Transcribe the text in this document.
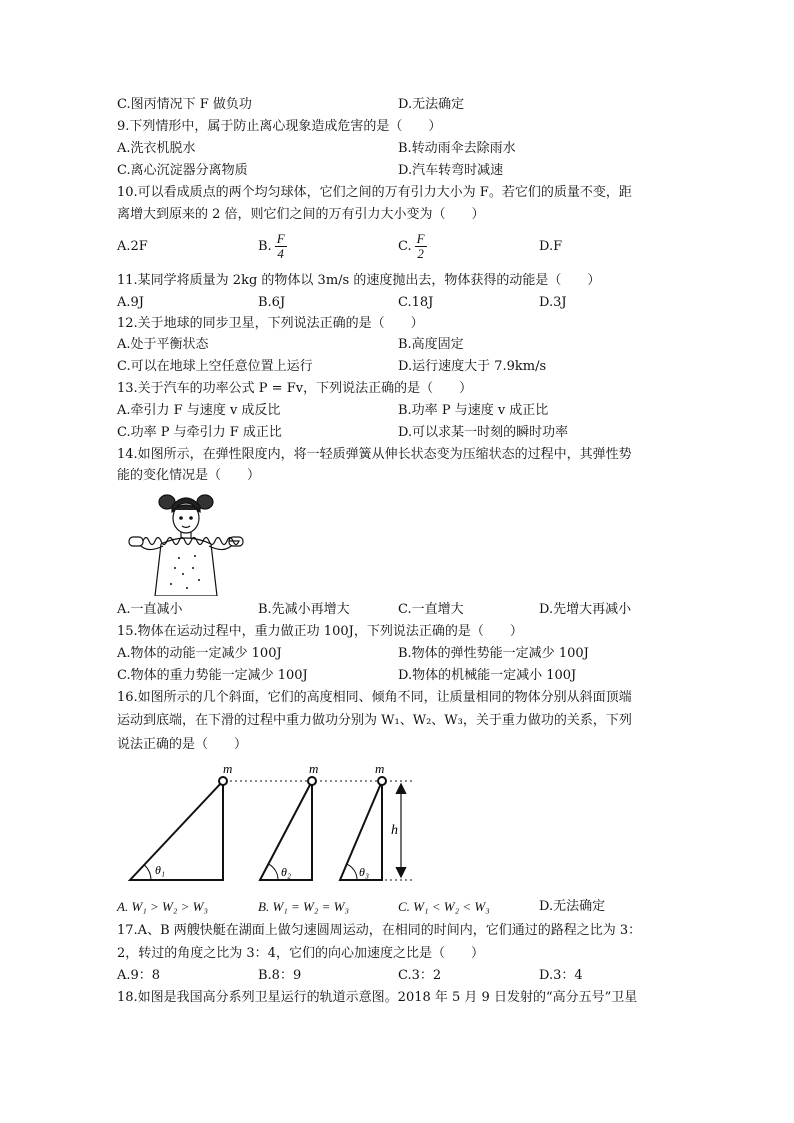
C.图丙情况下 F 做负功	D.无法确定
9.下列情形中，属于防止离心现象造成危害的是（　　）
A.洗衣机脱水	B.转动雨伞去除雨水
C.离心沉淀器分离物质	D.汽车转弯时减速
10.可以看成质点的两个均匀球体，它们之间的万有引力大小为 F。若它们的质量不变，距
离增大到原来的 2 倍，则它们之间的万有引力大小变为（　　）
A.2F	B. $\frac{F}{4}$	C. $\frac{F}{2}$	D.F
11.某同学将质量为 2kg 的物体以 3m/s 的速度抛出去，物体获得的动能是（　　）
A.9J	B.6J	C.18J	D.3J
12.关于地球的同步卫星，下列说法正确的是（　　）
A.处于平衡状态	B.高度固定
C.可以在地球上空任意位置上运行	D.运行速度大于 7.9km/s
13.关于汽车的功率公式 P = Fv，下列说法正确的是（　　）
A.牵引力 F 与速度 v 成反比	B.功率 P 与速度 v 成正比
C.功率 P 与牵引力 F 成正比	D.可以求某一时刻的瞬时功率
14.如图所示，在弹性限度内，将一轻质弹簧从伸长状态变为压缩状态的过程中，其弹性势
能的变化情况是（　　）
A.一直减小	B.先减小再增大	C.一直增大	D.先增大再减小
15.物体在运动过程中，重力做正功 100J，下列说法正确的是（　　）
A.物体的动能一定减少 100J	B.物体的弹性势能一定减少 100J
C.物体的重力势能一定减少 100J	D.物体的机械能一定减小 100J
16.如图所示的几个斜面，它们的高度相同、倾角不同，让质量相同的物体分别从斜面顶端
运动到底端，在下滑的过程中重力做功分别为 W₁、W₂、W₃，关于重力做功的关系，下列
说法正确的是（　　）
m	m	m
h
θ₁	θ₂	θ₃
A. W₁ > W₂ > W₃	B. W₁ = W₂ = W₃	C. W₁ < W₂ < W₃	D.无法确定
17.A、B 两艘快艇在湖面上做匀速圆周运动，在相同的时间内，它们通过的路程之比为 3：
2，转过的角度之比为 3：4，它们的向心加速度之比是（　　）
A.9：8	B.8：9	C.3：2	D.3：4
18.如图是我国高分系列卫星运行的轨道示意图。2018 年 5 月 9 日发射的“高分五号”卫星
